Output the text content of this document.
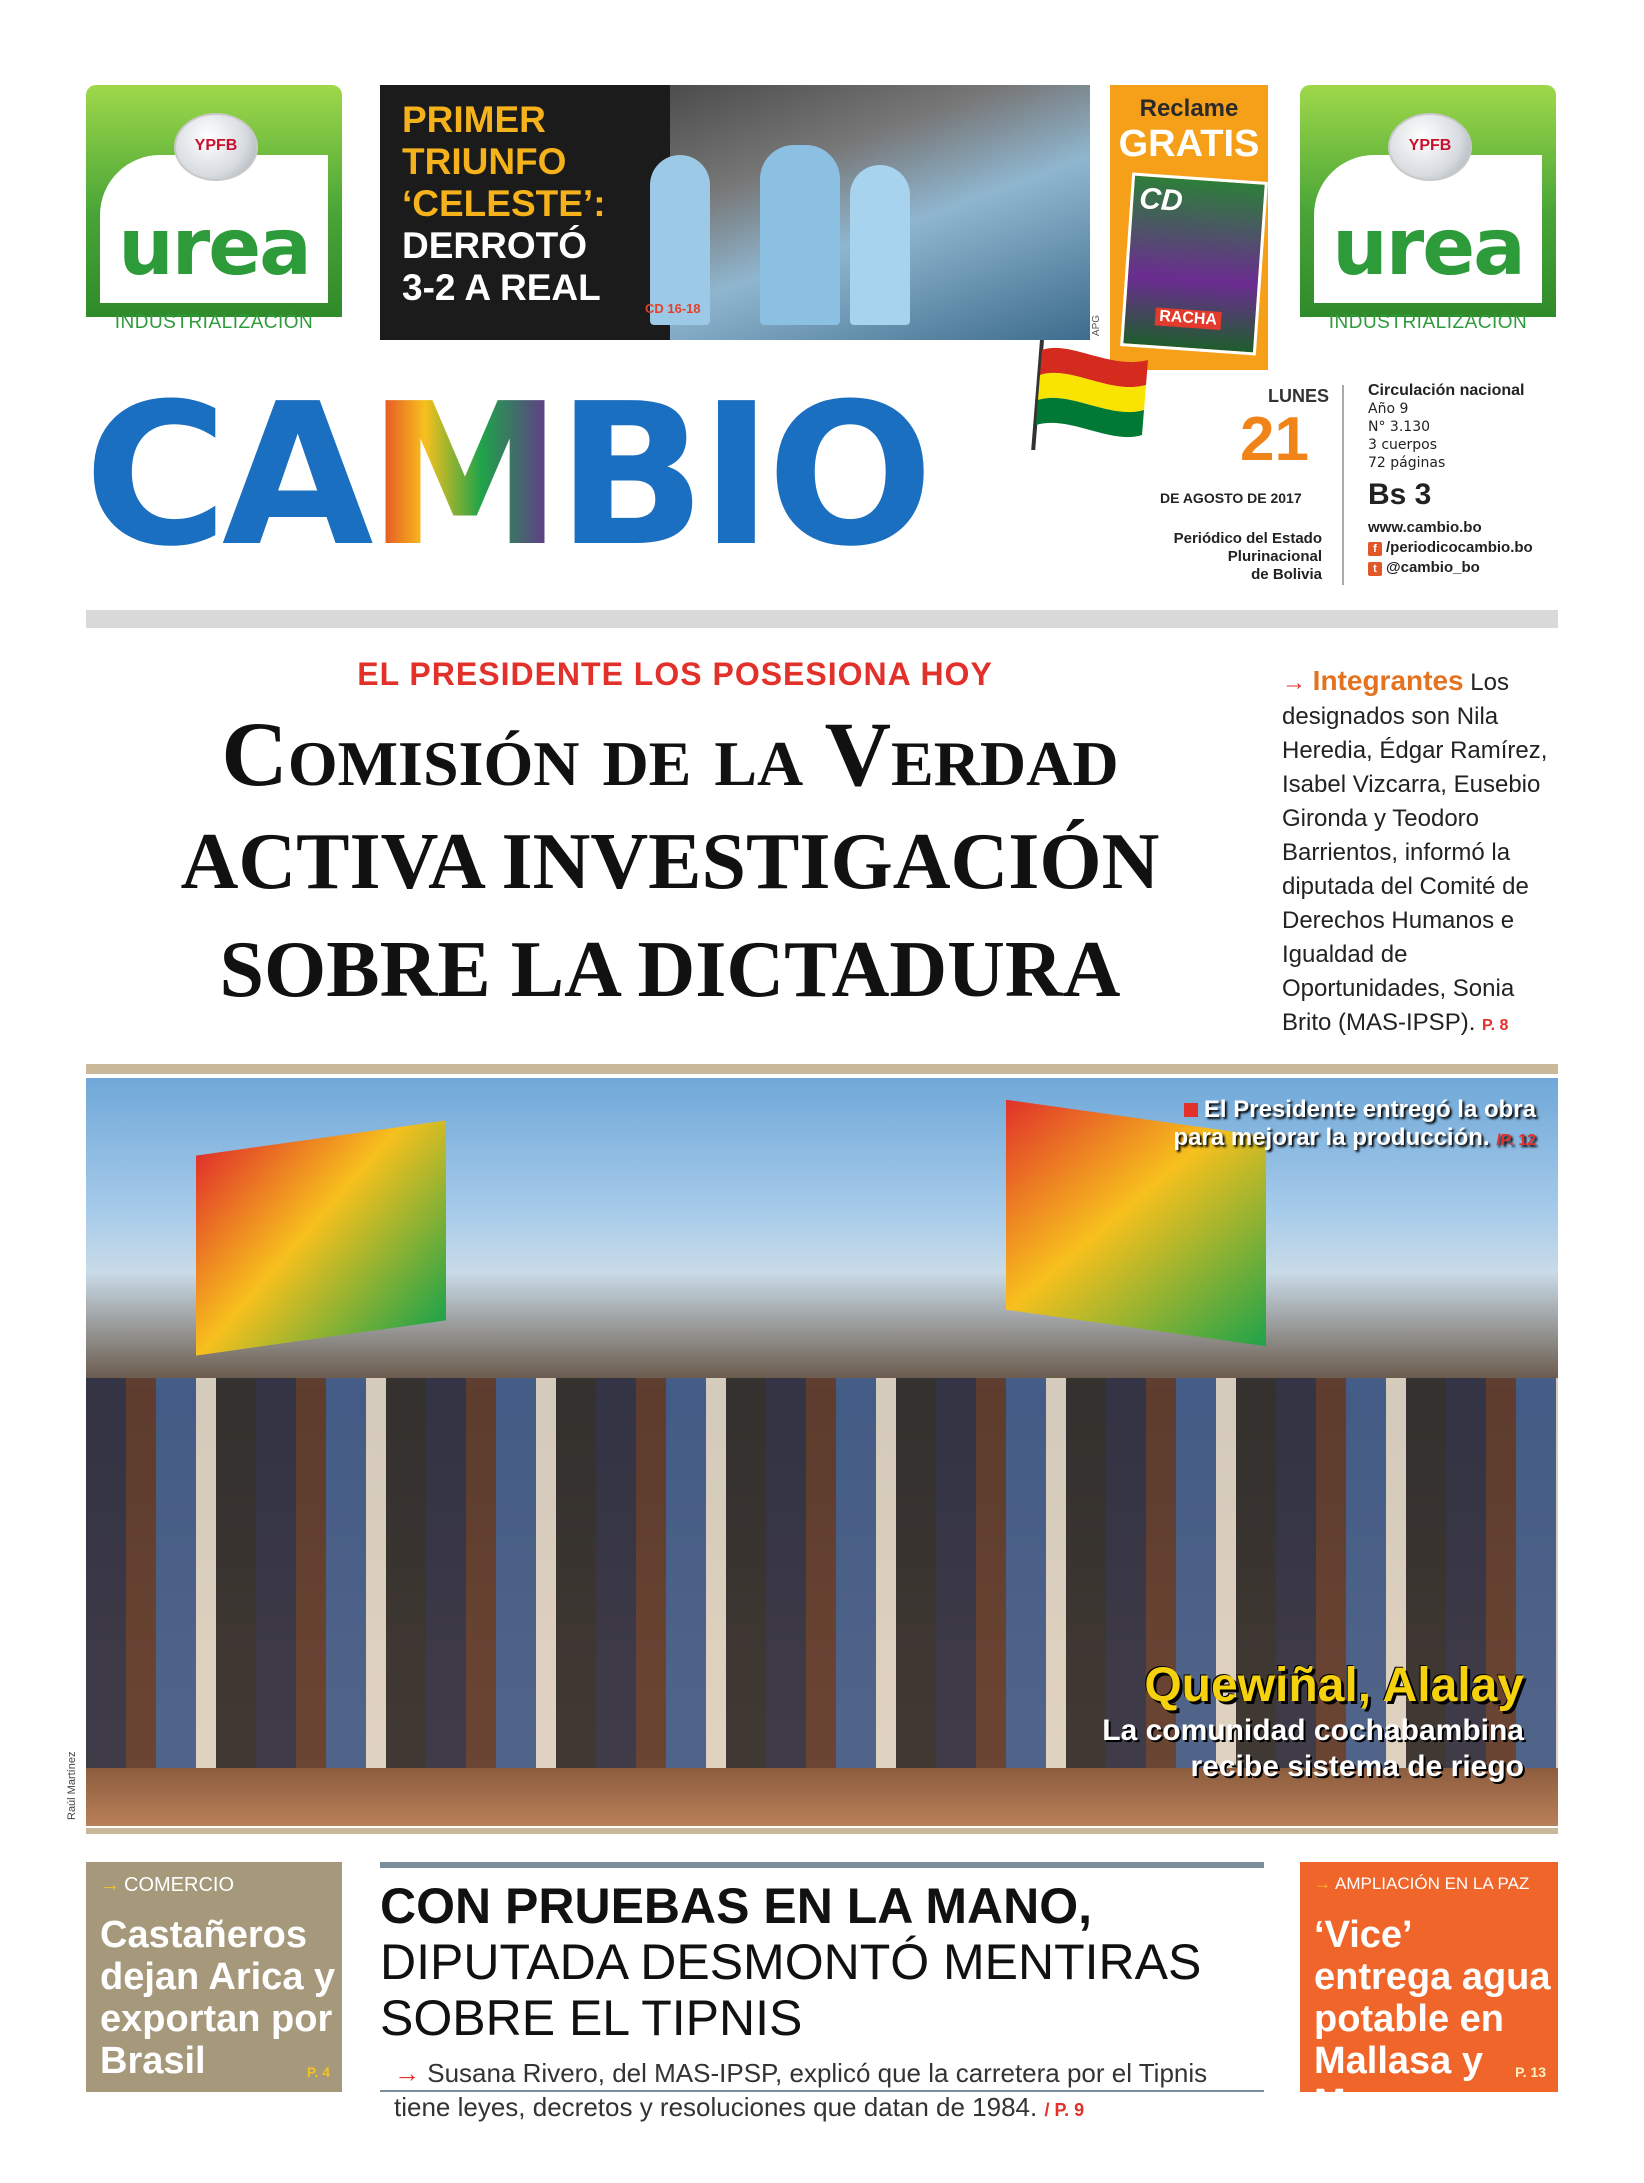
YPFB
urea
INDUSTRIALIZACIÓN
PRIMER
TRIUNFO
‘CELESTE’:
DERROTÓ
3-2 A REAL
CD 16-18
Reclame
GRATIS
CD
RACHA
APG
YPFB
urea
INDUSTRIALIZACIÓN
CAMBIO	LUNES
21
DE AGOSTO DE 2017
Periódico del Estado
Plurinacional
de Bolivia
Circulación nacional
Año 9
N° 3.130
3 cuerpos
72 páginas
Bs 3
www.cambio.bo
f /periodicocambio.bo
t @cambio_bo
EL PRESIDENTE LOS POSESIONA HOY
Comisión de la Verdad
ACTIVA INVESTIGACIÓN
SOBRE LA DICTADURA
→ Integrantes Los designados son Nila Heredia, Édgar Ramírez, Isabel Vizcarra, Eusebio Gironda y Teodoro Barrientos, informó la diputada del Comité de Derechos Humanos e Igualdad de Oportunidades, Sonia Brito (MAS-IPSP). P. 8
El Presidente entregó la obra
para mejorar la producción. /P. 12
Quewiñal, Alalay
La comunidad cochabambina
recibe sistema de riego
Raúl Martínez
→ COMERCIO
Castañeros dejan Arica y exportan por Brasil	P. 4
CON PRUEBAS EN LA MANO, DIPUTADA DESMONTÓ MENTIRAS SOBRE EL TIPNIS
→ Susana Rivero, del MAS-IPSP, explicó que la carretera por el Tipnis tiene leyes, decretos y resoluciones que datan de 1984. / P. 9
→ AMPLIACIÓN EN LA PAZ
‘Vice’ entrega agua potable en Mallasa y Mecapaca
P. 13
